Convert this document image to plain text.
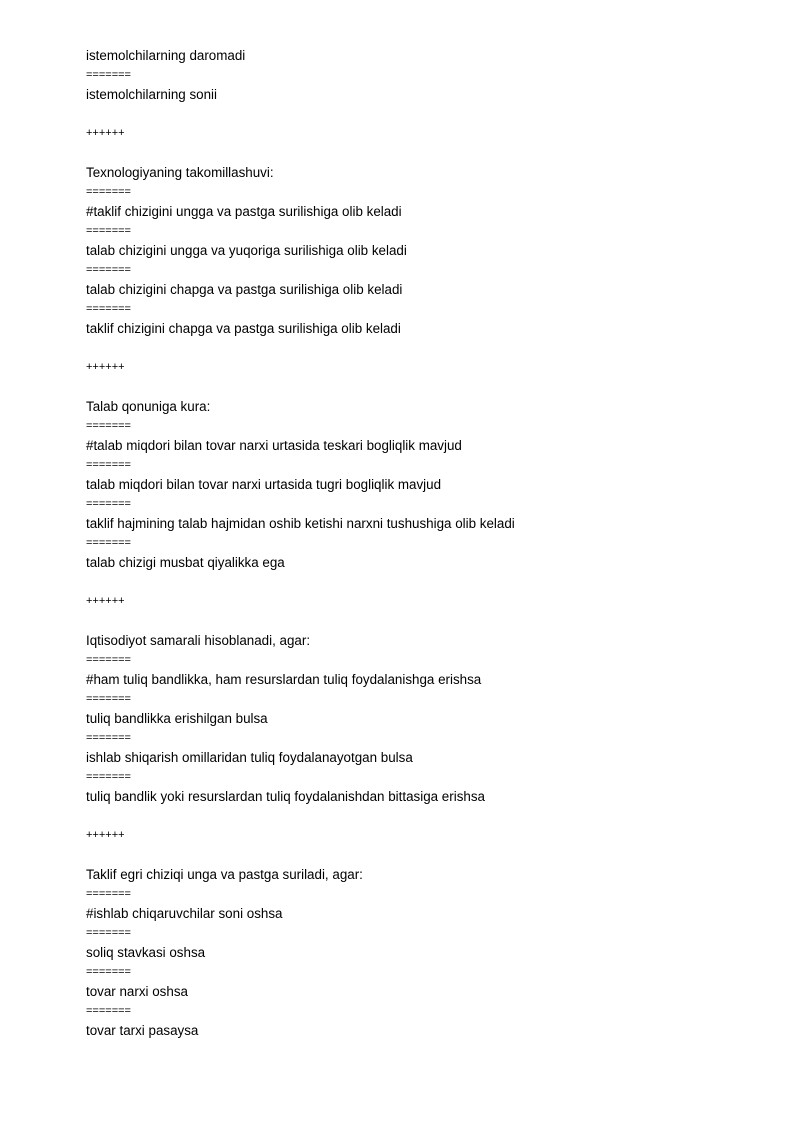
istemolchilarning daromadi
=======
istemolchilarning sonii
++++++
Texnologiyaning takomillashuvi:
=======
#taklif chizigini ungga va pastga surilishiga olib keladi
=======
talab chizigini ungga va yuqoriga surilishiga olib keladi
=======
talab chizigini chapga va pastga surilishiga olib keladi
=======
taklif chizigini chapga va pastga surilishiga olib keladi
++++++
Talab qonuniga kura:
=======
#talab miqdori bilan tovar narxi urtasida teskari bogliqlik mavjud
=======
talab miqdori bilan tovar narxi urtasida tugri bogliqlik mavjud
=======
taklif hajmining talab hajmidan oshib ketishi narxni tushushiga olib keladi
=======
talab chizigi musbat qiyalikka ega
++++++
Iqtisodiyot samarali hisoblanadi, agar:
=======
#ham tuliq bandlikka, ham resurslardan tuliq foydalanishga erishsa
=======
tuliq bandlikka erishilgan bulsa
=======
ishlab shiqarish omillaridan tuliq foydalanayotgan bulsa
=======
tuliq bandlik yoki resurslardan tuliq foydalanishdan bittasiga erishsa
++++++
Taklif egri chiziqi unga va pastga suriladi, agar:
=======
#ishlab chiqaruvchilar soni oshsa
=======
soliq stavkasi oshsa
=======
tovar narxi oshsa
=======
tovar tarxi pasaysa
